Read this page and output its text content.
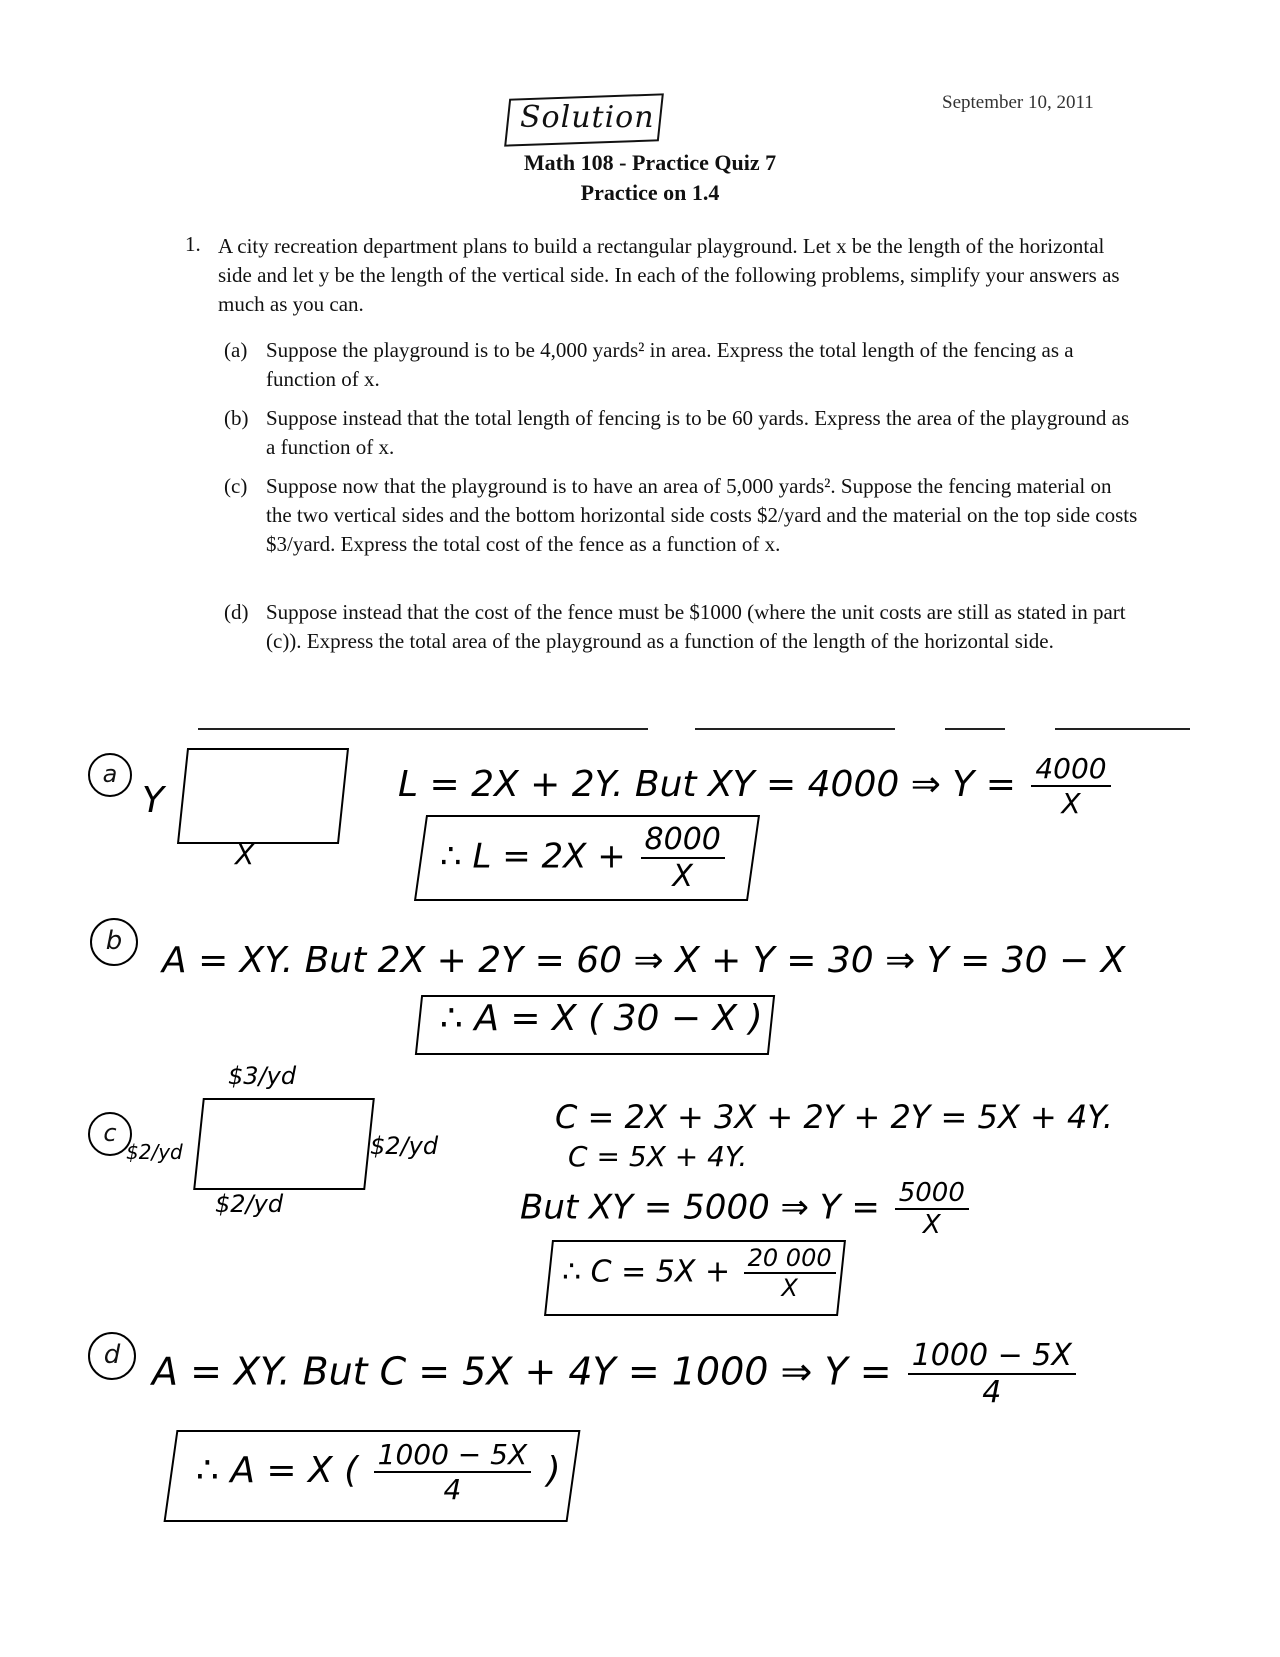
September 10, 2011
Solution
Math 108 - Practice Quiz 7
Practice on 1.4
1. A city recreation department plans to build a rectangular playground. Let x be the length of the horizontal side and let y be the length of the vertical side. In each of the following problems, simplify your answers as much as you can.
(a) Suppose the playground is to be 4,000 yards² in area. Express the total length of the fencing as a function of x.
(b) Suppose instead that the total length of fencing is to be 60 yards. Express the area of the playground as a function of x.
(c) Suppose now that the playground is to have an area of 5,000 yards². Suppose the fencing material on the two vertical sides and the bottom horizontal side costs $2/yard and the material on the top side costs $3/yard. Express the total cost of the fence as a function of x.
(d) Suppose instead that the cost of the fence must be $1000 (where the unit costs are still as stated in part (c)). Express the total area of the playground as a function of the length of the horizontal side.
a
Y
X
L = 2X + 2Y. But XY = 4000 ⇒ $Y = \frac{4000}{X}$
∴ $L = 2X + \frac{8000}{X}$
b	A = XY. But 2X + 2Y = 60 ⇒ X + Y = 30 ⇒ Y = 30 − X
∴ A = X ( 30 − X )
c
$3/yd
$2/yd	$2/yd
$2/yd
C = 2X + 3X + 2Y + 2Y = 5X + 4Y.
C = 5X + 4Y.
But XY = 5000 ⇒ $Y = \frac{5000}{X}$
∴ $C = 5X + \frac{20 000}{X}$
d A = XY. But C = 5X + 4Y = 1000 ⇒ $Y = \frac{1000 - 5X}{4}$
∴ A = X ( $\frac{1000 - 5X}{4}$ )
